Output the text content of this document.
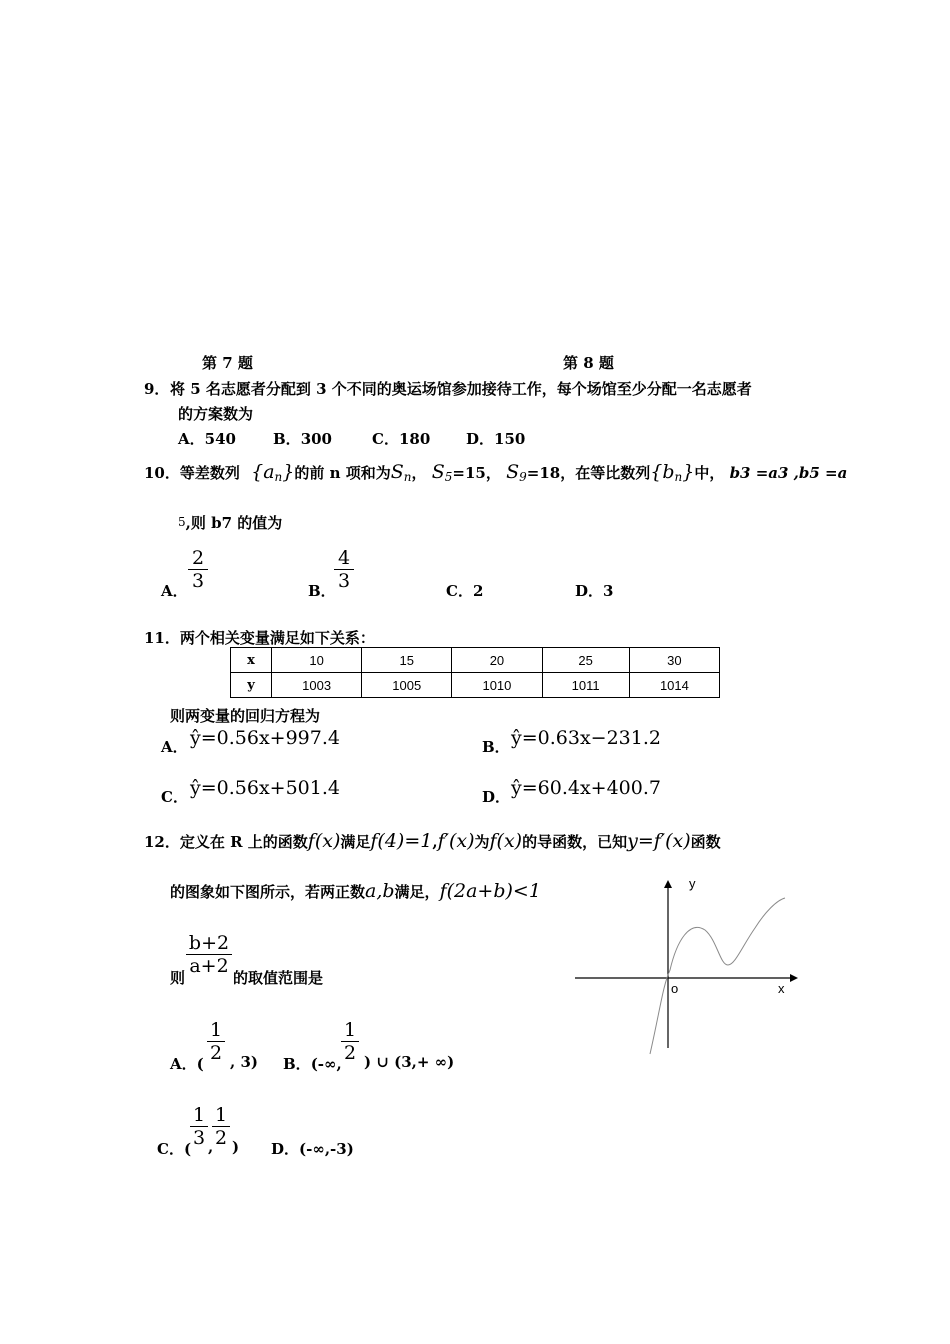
第 7 题	第 8 题
9． 将 5 名志愿者分配到 3 个不同的奥运场馆参加接待工作，每个场馆至少分配一名志愿者
的方案数为
A．540 B．300	C．180 D．150
10．等差数列 $\{a_n\}$的前 n 项和为$S_n$， $S_5=15$， $S_9=18$，在等比数列$\{b_n\}$中， b3 =a3 ,b5 =a
5,则 b7 的值为
A． $\frac{2}{3}$	B．
$\frac{4}{3}$	C．2	D．3
11．两个相关变量满足如下关系：
x	10	15	20	25	30
y	1003	1005	1010	1011	1014
则两变量的回归方程为
A． ŷ=0.56x+997.4	B． ŷ=0.63x−231.2
C． ŷ=0.56x+501.4	D． ŷ=60.4x+400.7
12．定义在 R 上的函数f(x)满足f(4)=1,f′(x)为f(x)的导函数，已知y=f′(x)函数
的图象如下图所示，若两正数a,b满足，f(2a+b)<1
$\frac{b+2}{a+2}$
则	的取值范围是
y
x
o
A．( $\frac{1}{2}$ , 3) B．(-∞, $\frac{1}{2}$ ) ∪ (3,+ ∞)
C．(
$\frac{1}{3}$ ,
$\frac{1}{2}$ ) D．(-∞,-3)
